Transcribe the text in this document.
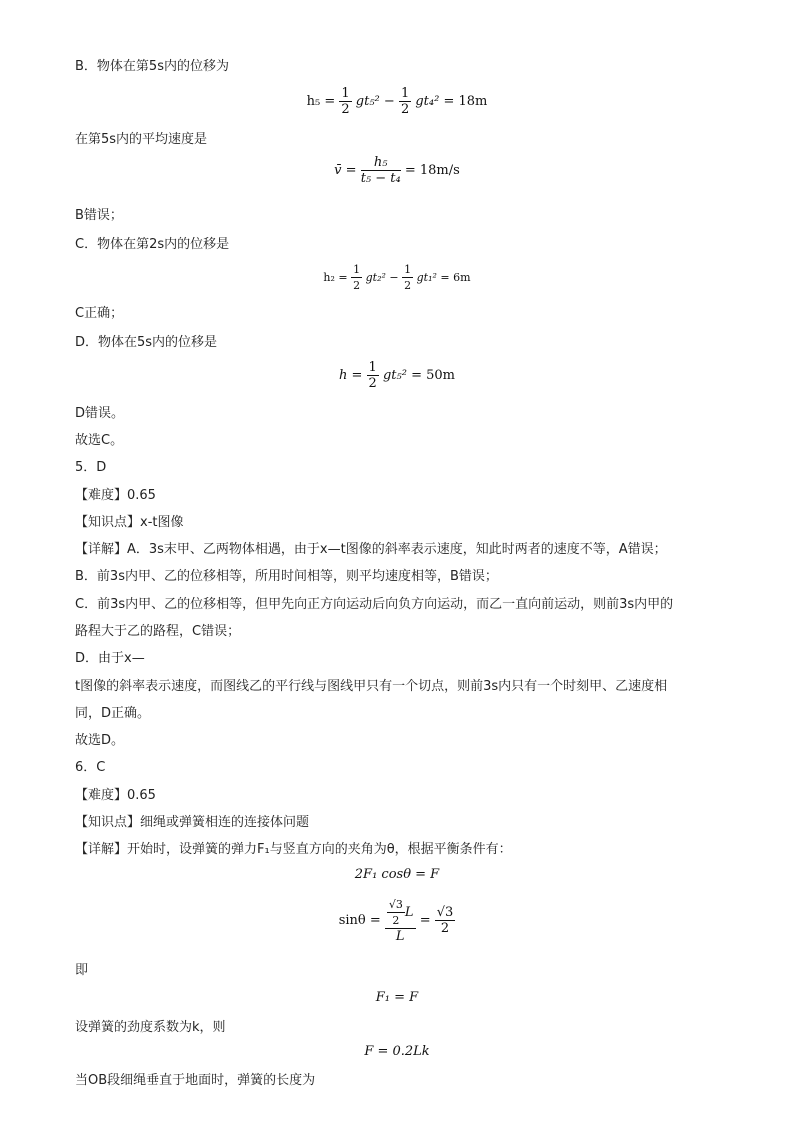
B．物体在第5s内的位移为
$h_5 = \frac{1}{2} gt_5^2 - \frac{1}{2} gt_4^2 = 18m$
在第5s内的平均速度是
v̄ = $\frac{\text{h₅}}{\text{t₅ − t₄}} = 18m/s$
B错误；
C．物体在第2s内的位移是
$h_2 = \frac{1}{2} gt_2^2 - \frac{1}{2} gt_1^2 = 6m$
C正确；
D．物体在5s内的位移是
$h = \frac{1}{2} gt_5^2 = 50m$
D错误。
故选C。
5．D
【难度】0.65
【知识点】x-t图像
【详解】A．3s末甲、乙两物体相遇，由于x—t图像的斜率表示速度，知此时两者的速度不等，A错误；
B．前3s内甲、乙的位移相等，所用时间相等，则平均速度相等，B错误；
C．前3s内甲、乙的位移相等，但甲先向正方向运动后向负方向运动，而乙一直向前运动，则前3s内甲的
路程大于乙的路程，C错误；
D．由于x—
t图像的斜率表示速度，而图线乙的平行线与图线甲只有一个切点，则前3s内只有一个时刻甲、乙速度相
同，D正确。
故选D。
6．C
【难度】0.65
【知识点】细绳或弹簧相连的连接体问题
【详解】开始时，设弹簧的弹力F₁与竖直方向的夹角为θ，根据平衡条件有：
2F₁ cosθ = F
$\sin\theta = \frac{\frac{√3}{2} L}{L} = \frac{√3}{2}$
即
F₁ = F
设弹簧的劲度系数为k，则
F = 0.2Lk
当OB段细绳垂直于地面时，弹簧的长度为
